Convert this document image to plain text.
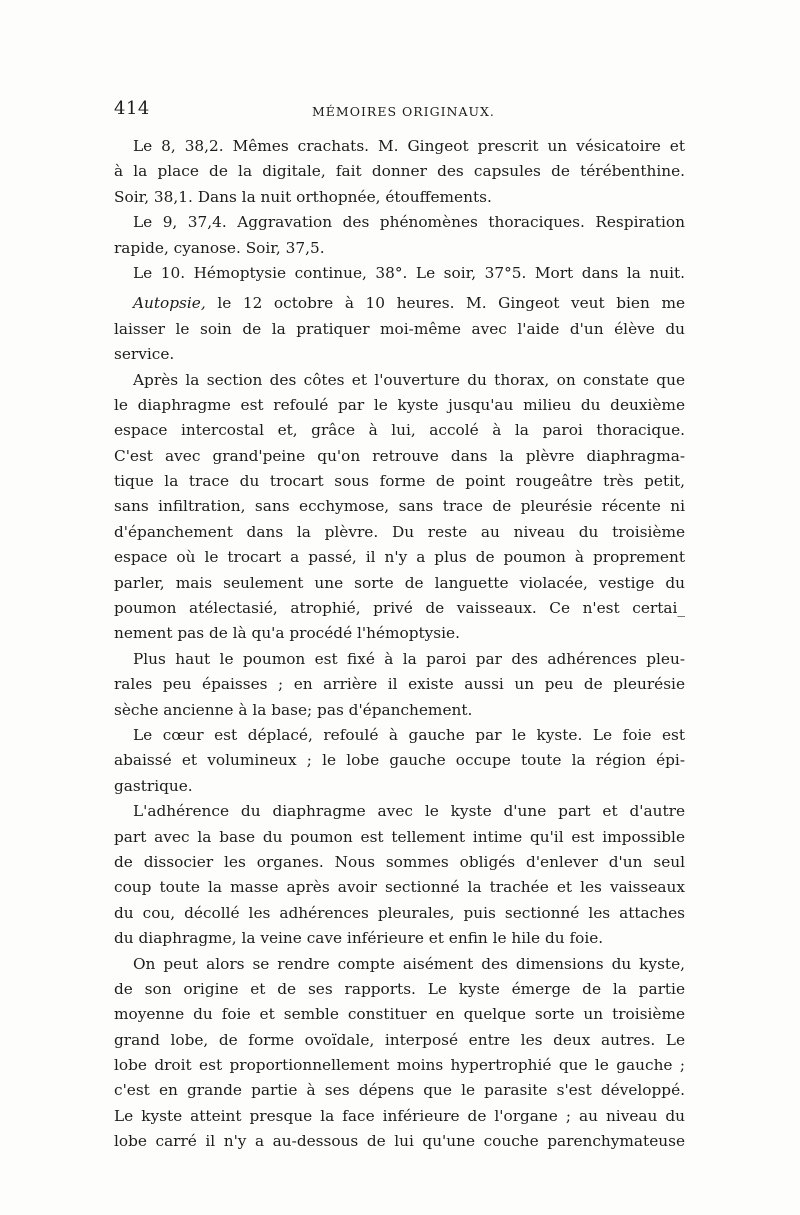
414	MÉMOIRES ORIGINAUX.
Le 8, 38,2. Mêmes crachats. M. Gingeot prescrit un vésicatoire et
à la place de la digitale, fait donner des capsules de térébenthine.
Soir, 38,1. Dans la nuit orthopnée, étouffements.
Le 9, 37,4. Aggravation des phénomènes thoraciques. Respiration
rapide, cyanose. Soir, 37,5.
Le 10. Hémoptysie continue, 38°. Le soir, 37°5. Mort dans la nuit.
Autopsie, le 12 octobre à 10 heures. M. Gingeot veut bien me
laisser le soin de la pratiquer moi-même avec l'aide d'un élève du
service.
Après la section des côtes et l'ouverture du thorax, on constate que
le diaphragme est refoulé par le kyste jusqu'au milieu du deuxième
espace intercostal et, grâce à lui, accolé à la paroi thoracique.
C'est avec grand'peine qu'on retrouve dans la plèvre diaphragma-
tique la trace du trocart sous forme de point rougeâtre très petit,
sans infiltration, sans ecchymose, sans trace de pleurésie récente ni
d'épanchement dans la plèvre. Du reste au niveau du troisième
espace où le trocart a passé, il n'y a plus de poumon à proprement
parler, mais seulement une sorte de languette violacée, vestige du
poumon atélectasié, atrophié, privé de vaisseaux. Ce n'est certai_
nement pas de là qu'a procédé l'hémoptysie.
Plus haut le poumon est fixé à la paroi par des adhérences pleu-
rales peu épaisses ; en arrière il existe aussi un peu de pleurésie
sèche ancienne à la base; pas d'épanchement.
Le cœur est déplacé, refoulé à gauche par le kyste. Le foie est
abaissé et volumineux ; le lobe gauche occupe toute la région épi-
gastrique.
L'adhérence du diaphragme avec le kyste d'une part et d'autre
part avec la base du poumon est tellement intime qu'il est impossible
de dissocier les organes. Nous sommes obligés d'enlever d'un seul
coup toute la masse après avoir sectionné la trachée et les vaisseaux
du cou, décollé les adhérences pleurales, puis sectionné les attaches
du diaphragme, la veine cave inférieure et enfin le hile du foie.
On peut alors se rendre compte aisément des dimensions du kyste,
de son origine et de ses rapports. Le kyste émerge de la partie
moyenne du foie et semble constituer en quelque sorte un troisième
grand lobe, de forme ovoïdale, interposé entre les deux autres. Le
lobe droit est proportionnellement moins hypertrophié que le gauche ;
c'est en grande partie à ses dépens que le parasite s'est développé.
Le kyste atteint presque la face inférieure de l'organe ; au niveau du
lobe carré il n'y a au-dessous de lui qu'une couche parenchymateuse
